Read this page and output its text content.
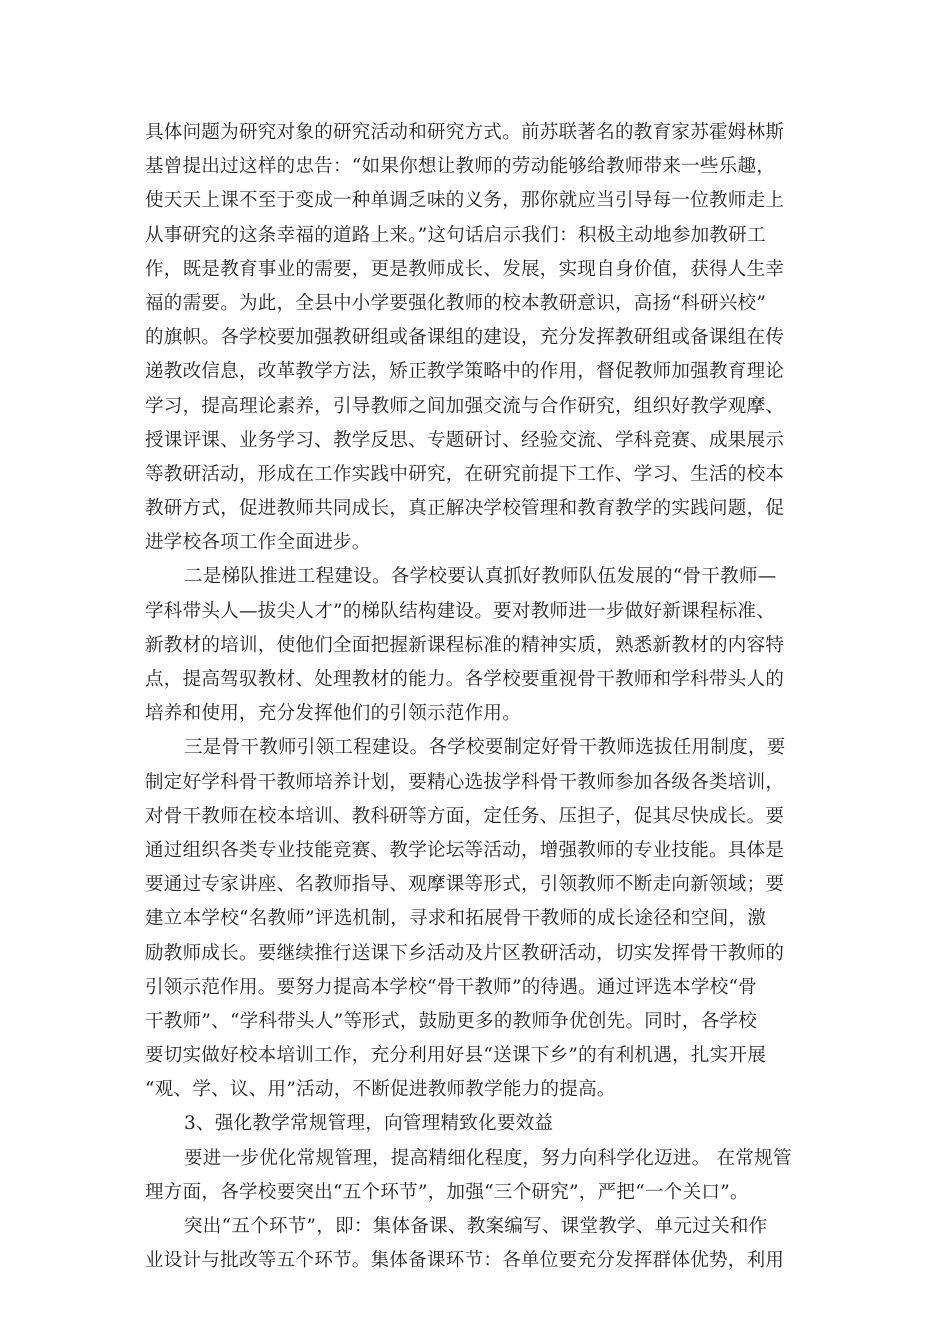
具体问题为研究对象的研究活动和研究方式。前苏联著名的教育家苏霍姆林斯
基曾提出过这样的忠告：“如果你想让教师的劳动能够给教师带来一些乐趣，
使天天上课不至于变成一种单调乏味的义务，那你就应当引导每一位教师走上
从事研究的这条幸福的道路上来。”这句话启示我们：积极主动地参加教研工
作，既是教育事业的需要，更是教师成长、发展，实现自身价值，获得人生幸
福的需要。为此，全县中小学要强化教师的校本教研意识，高扬“科研兴校”
的旗帜。各学校要加强教研组或备课组的建设，充分发挥教研组或备课组在传
递教改信息，改革教学方法，矫正教学策略中的作用，督促教师加强教育理论
学习，提高理论素养，引导教师之间加强交流与合作研究，组织好教学观摩、
授课评课、业务学习、教学反思、专题研讨、经验交流、学科竞赛、成果展示
等教研活动，形成在工作实践中研究，在研究前提下工作、学习、生活的校本
教研方式，促进教师共同成长，真正解决学校管理和教育教学的实践问题，促
进学校各项工作全面进步。
二是梯队推进工程建设。各学校要认真抓好教师队伍发展的“骨干教师—
学科带头人—拔尖人才”的梯队结构建设。要对教师进一步做好新课程标准、
新教材的培训，使他们全面把握新课程标准的精神实质，熟悉新教材的内容特
点，提高驾驭教材、处理教材的能力。各学校要重视骨干教师和学科带头人的
培养和使用，充分发挥他们的引领示范作用。
三是骨干教师引领工程建设。各学校要制定好骨干教师选拔任用制度，要
制定好学科骨干教师培养计划，要精心选拔学科骨干教师参加各级各类培训，
对骨干教师在校本培训、教科研等方面，定任务、压担子，促其尽快成长。要
通过组织各类专业技能竞赛、教学论坛等活动，增强教师的专业技能。具体是
要通过专家讲座、名教师指导、观摩课等形式，引领教师不断走向新领域；要
建立本学校“名教师”评选机制，寻求和拓展骨干教师的成长途径和空间，激
励教师成长。要继续推行送课下乡活动及片区教研活动，切实发挥骨干教师的
引领示范作用。要努力提高本学校“骨干教师”的待遇。通过评选本学校“骨
干教师”、“学科带头人”等形式，鼓励更多的教师争优创先。同时，各学校
要切实做好校本培训工作，充分利用好县“送课下乡”的有利机遇，扎实开展
“观、学、议、用”活动，不断促进教师教学能力的提高。
3、强化教学常规管理，向管理精致化要效益
要进一步优化常规管理，提高精细化程度，努力向科学化迈进。 在常规管
理方面，各学校要突出“五个环节”，加强“三个研究”，严把“一个关口”。
突出“五个环节”，即：集体备课、教案编写、课堂教学、单元过关和作
业设计与批改等五个环节。集体备课环节：各单位要充分发挥群体优势，利用
